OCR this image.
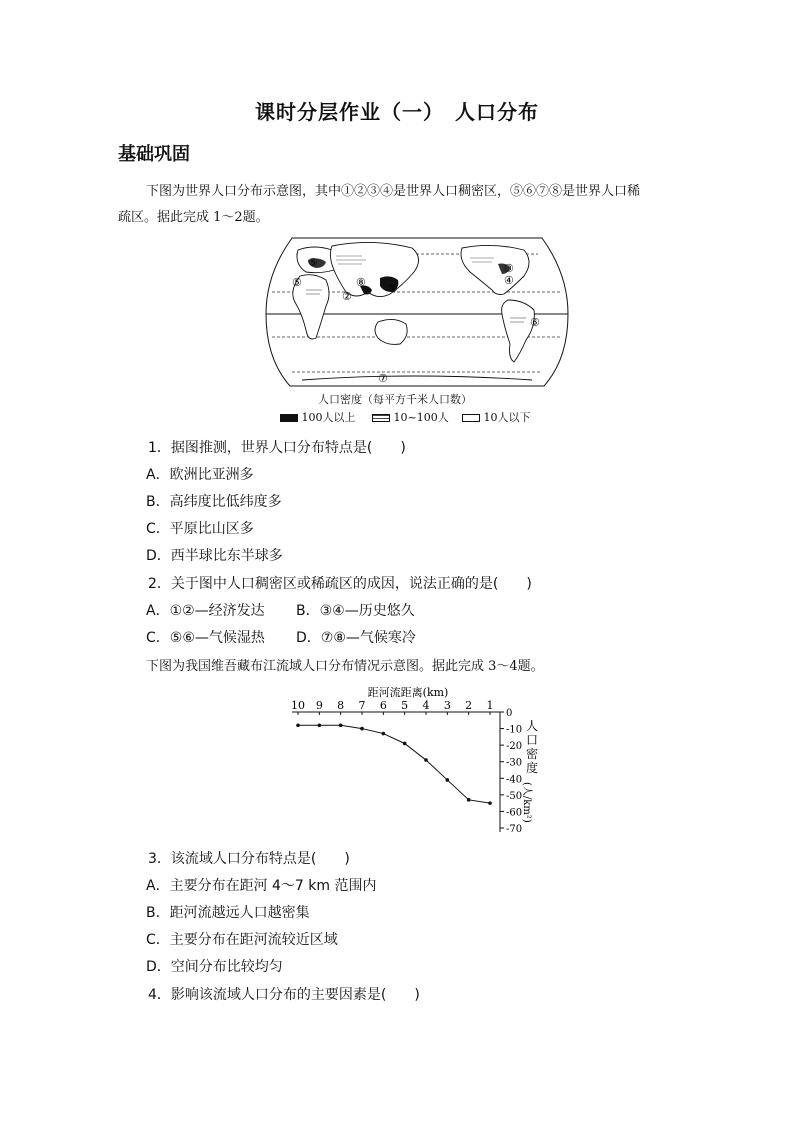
课时分层作业（一）　人口分布
基础巩固
下图为世界人口分布示意图，其中①②③④是世界人口稠密区，⑤⑥⑦⑧是世界人口稀
疏区。据此完成 1～2题。
①
②
③
④
⑤
⑥
⑦
⑧
⑤
人口密度（每平方千米人口数）
100人以上	10~100人	10人以下
1．据图推测，世界人口分布特点是(　　)
A．欧洲比亚洲多
B．高纬度比低纬度多
C．平原比山区多
D．西半球比东半球多
2．关于图中人口稠密区或稀疏区的成因，说法正确的是(　　)
A．①②—经济发达 B．③④—历史悠久
C．⑤⑥—气候湿热 D．⑦⑧—气候寒冷
下图为我国维吾藏布江流域人口分布情况示意图。据此完成 3～4题。
距河流距离(km)
10 9 8 7 6 5 4 3 2 1
0
-10
-20
-30
-40
-50
-60
-70
人
口
密
度
(人/km²)
3．该流域人口分布特点是(　　)
A．主要分布在距河 4～7 km 范围内
B．距河流越远人口越密集
C．主要分布在距河流较近区域
D．空间分布比较均匀
4．影响该流域人口分布的主要因素是(　　)
